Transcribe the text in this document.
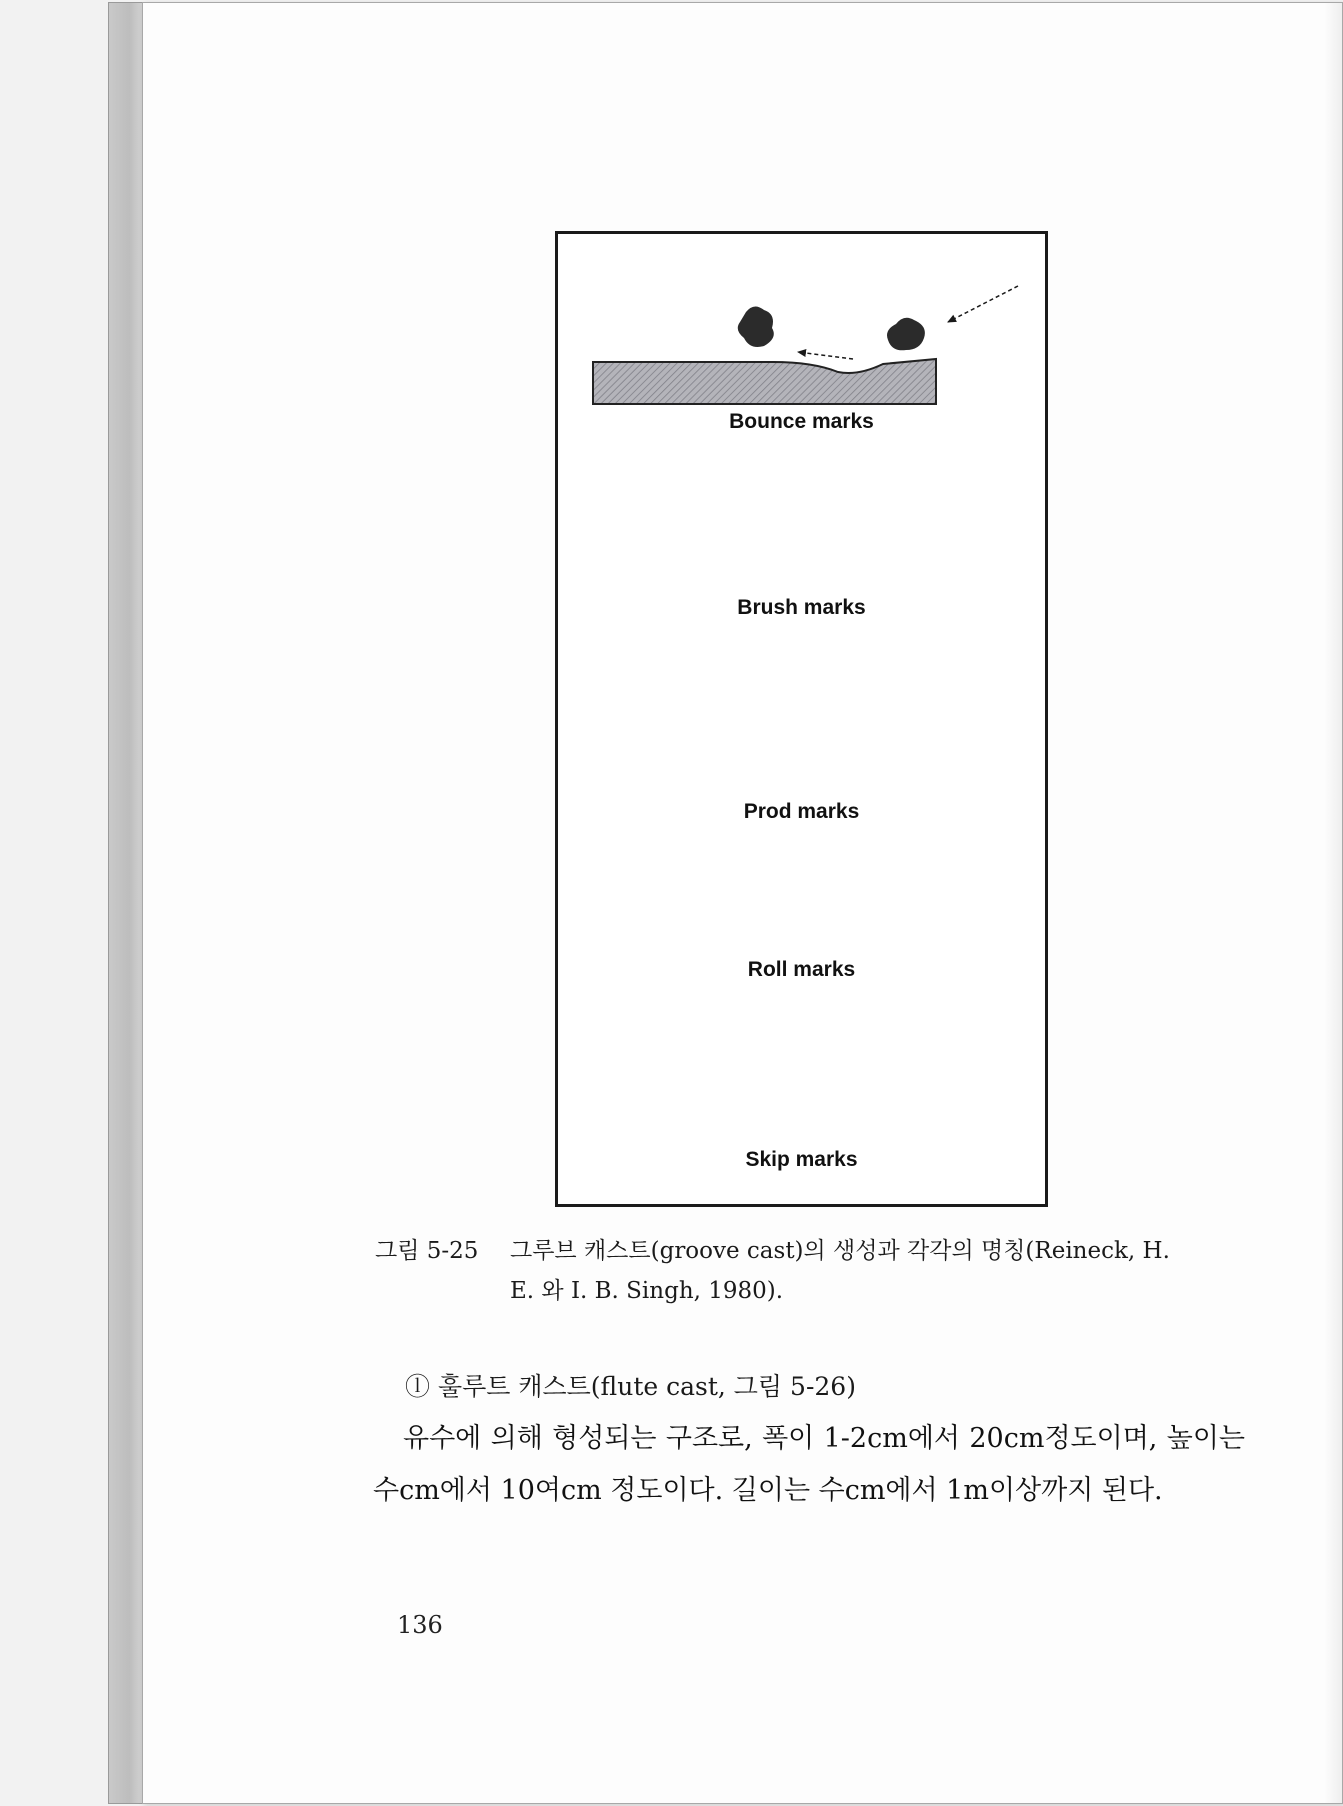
Bounce marks
Brush marks
Prod marks
Roll marks
Skip marks
그림 5-25 그루브 캐스트(groove cast)의 생성과 각각의 명칭(Reineck, H.
E. 와 I. B. Singh, 1980).
ⓛ 훌루트 캐스트(flute cast, 그림 5-26)
유수에 의해 형성되는 구조로, 폭이 1-2cm에서 20cm정도이며, 높이는 수cm에서 10여cm 정도이다. 길이는 수cm에서 1m이상까지 된다.
136
